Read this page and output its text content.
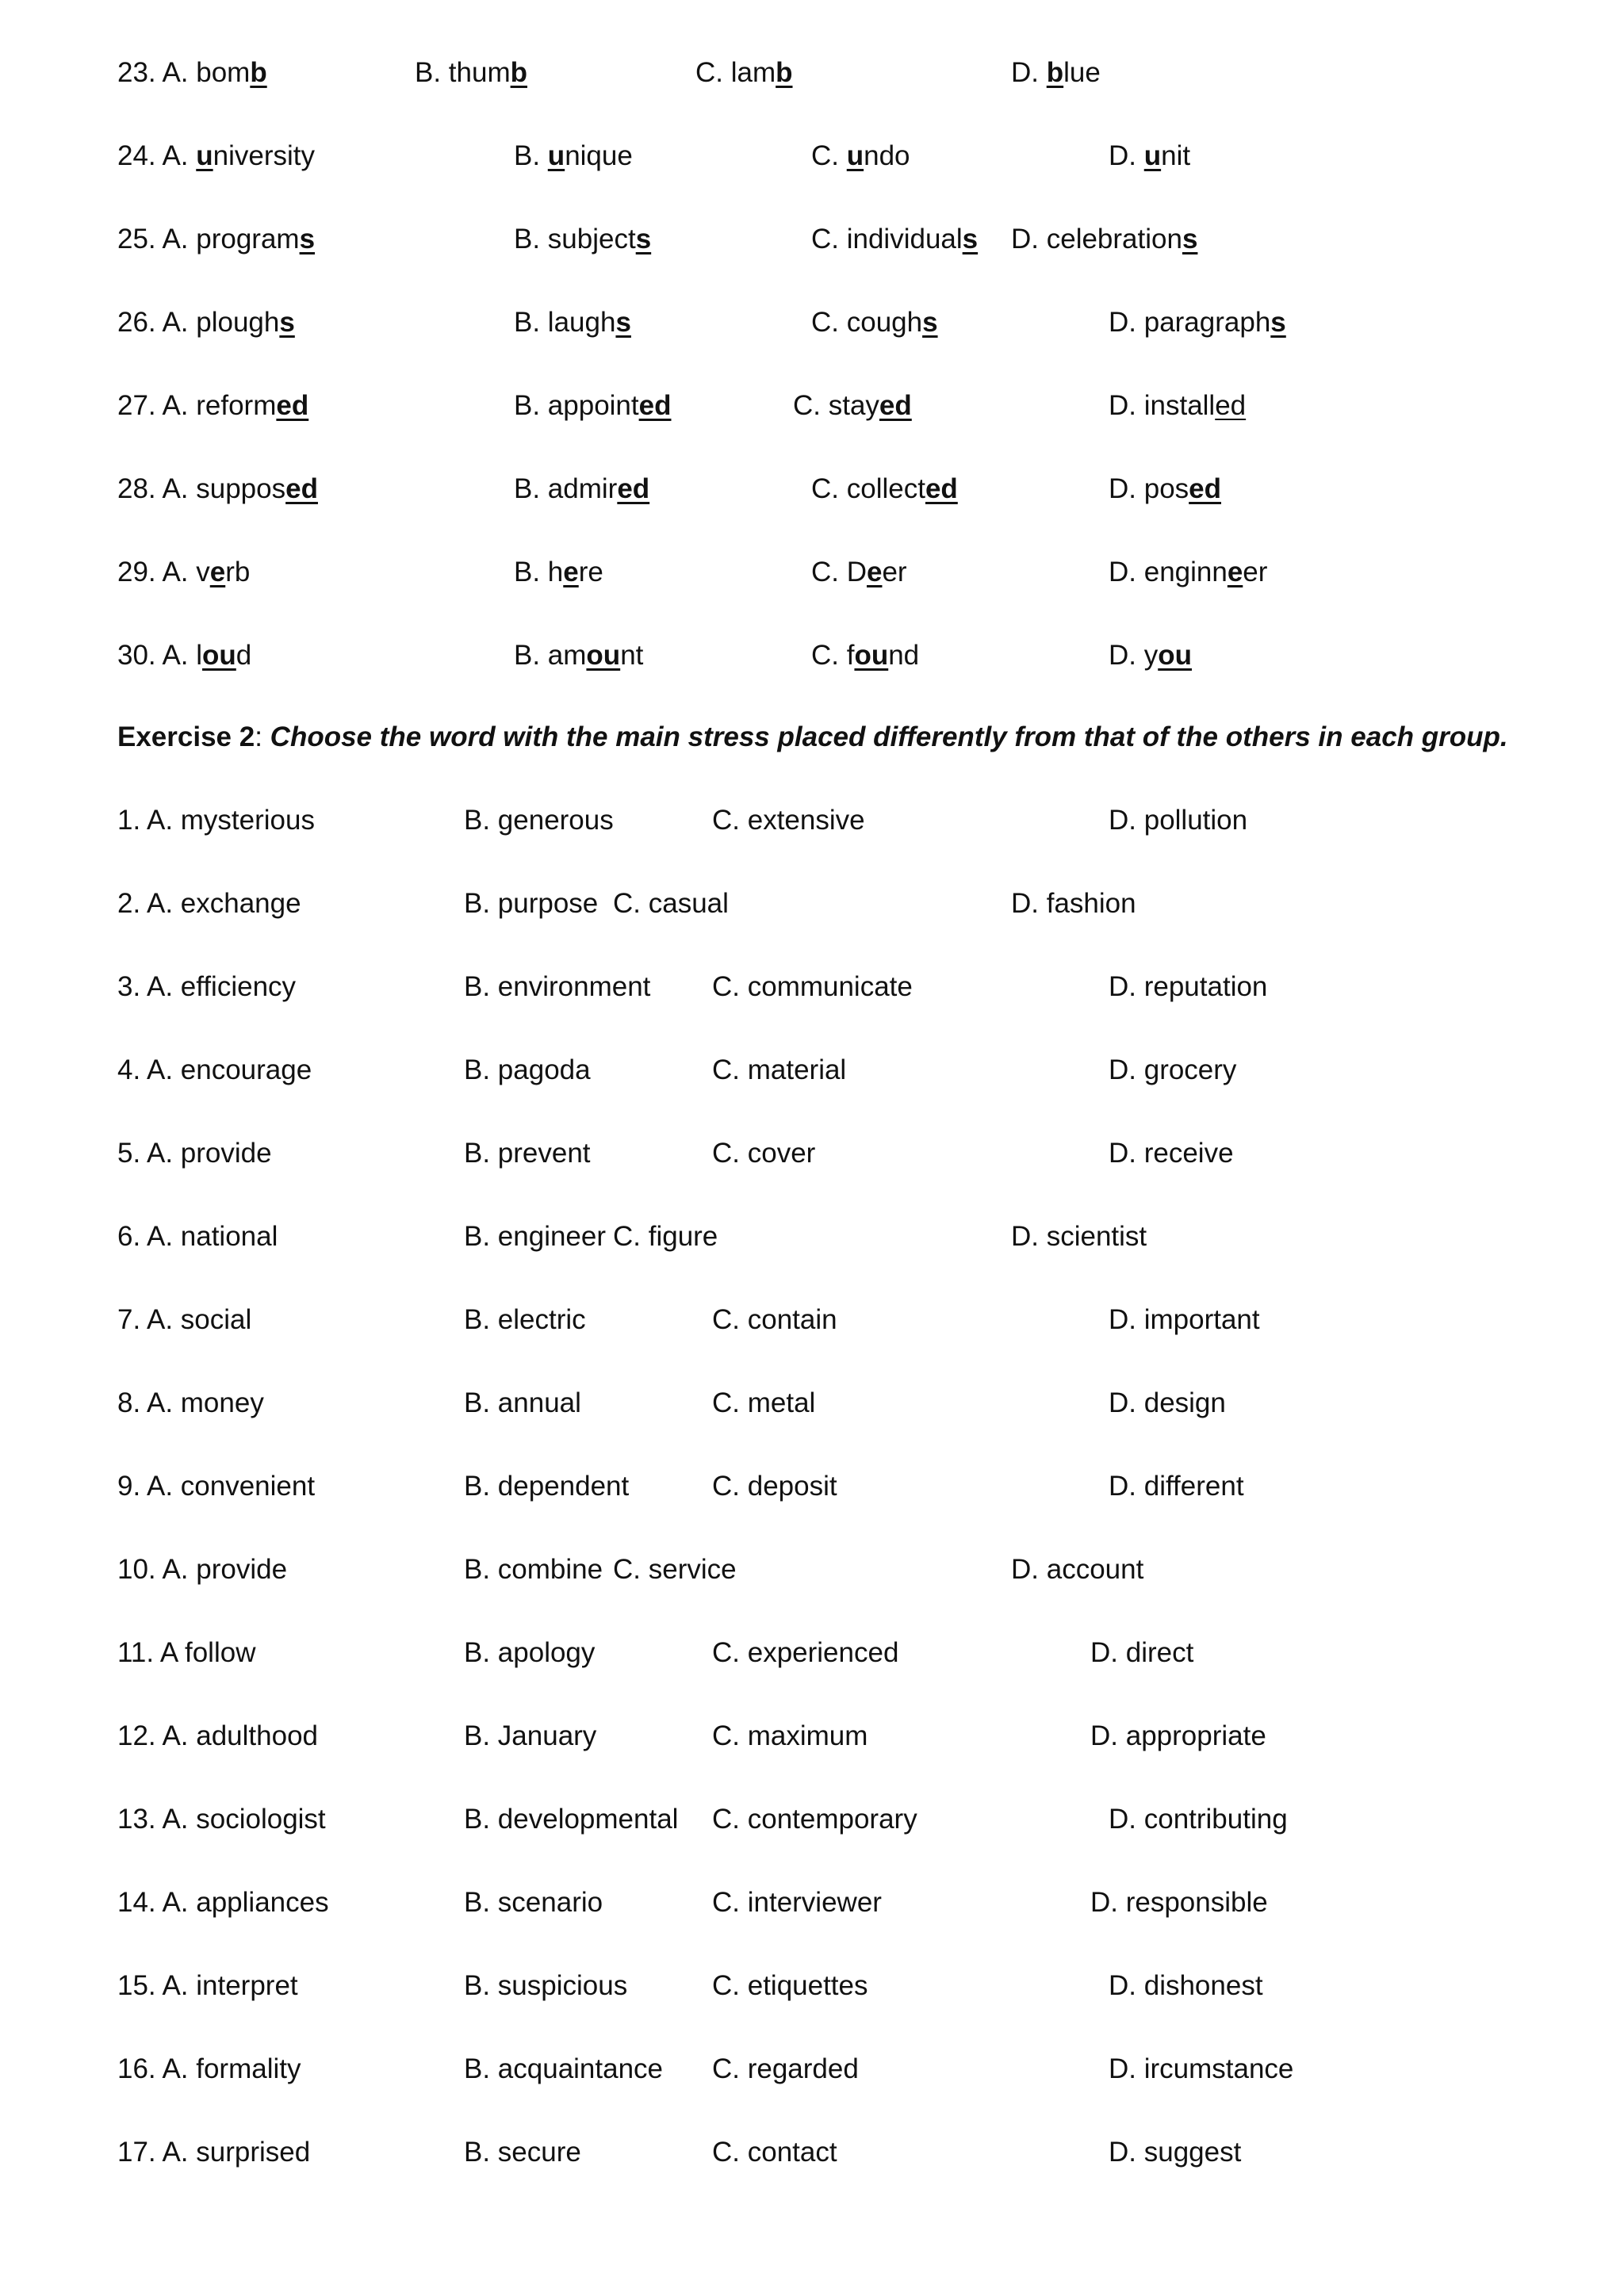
23. A. bomb	B. thumb	C. lamb	D. blue
24. A. university	B. unique	C. undo	D. unit
25. A. programs	B. subjects	C. individuals D. celebrations
26. A. ploughs	B. laughs	C. coughs	D. paragraphs
27. A. reformed	B. appointed	C. stayed	D. installed
28. A. supposed	B. admired	C. collected	D. posed
29. A. verb	B. here	C. Deer	D. enginneer
30. A. loud	B. amount	C. found	D. you
Exercise 2: Choose the word with the main stress placed differently from that of the others in each group.
1. A. mysterious	B. generous	C. extensive	D. pollution
2. A. exchange	B. purpose C. casual	D. fashion
3. A. efficiency	B. environment C. communicate	D. reputation
4. A. encourage	B. pagoda	C. material	D. grocery
5. A. provide	B. prevent	C. cover	D. receive
6. A. national	B. engineer C. figure	D. scientist
7. A. social	B. electric	C. contain	D. important
8. A. money	B. annual	C. metal	D. design
9. A. convenient	B. dependent	C. deposit	D. different
10. A. provide	B. combine C. service	D. account
11. A follow	B. apology	C. experienced	D. direct
12. A. adulthood	B. January	C. maximum	D. appropriate
13. A. sociologist	B. developmental C. contemporary	D. contributing
14. A. appliances	B. scenario	C. interviewer	D. responsible
15. A. interpret	B. suspicious	C. etiquettes	D. dishonest
16. A. formality	B. acquaintance C. regarded	D. ircumstance
17. A. surprised	B. secure	C. contact	D. suggest
